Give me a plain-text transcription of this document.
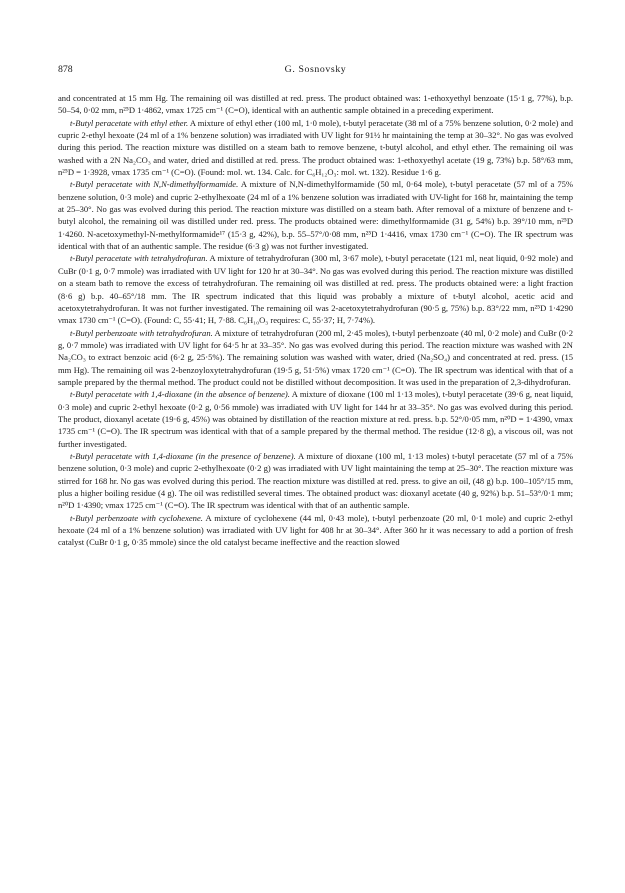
878	G. Sosnovsky

and concentrated at 15 mm Hg. The remaining oil was distilled at red. press. The product obtained was: 1-ethoxyethyl benzoate (15·1 g, 77%), b.p. 50–54, 0·02 mm, n²⁵D 1·4862, νmax 1725 cm⁻¹ (C=O), identical with an authentic sample obtained in a preceding experiment.

t-Butyl peracetate with ethyl ether. A mixture of ethyl ether (100 ml, 1·0 mole), t-butyl peracetate (38 ml of a 75% benzene solution, 0·2 mole) and cupric 2-ethyl hexoate (24 ml of a 1% benzene solution) was irradiated with UV light for 91½ hr maintaining the temp at 30–32°. No gas was evolved during this period. The reaction mixture was distilled on a steam bath to remove benzene, t-butyl alcohol, and ethyl ether. The remaining oil was washed with a 2N Na₂CO₃ and water, dried and distilled at red. press. The product obtained was: 1-ethoxyethyl acetate (19 g, 73%) b.p. 58°/63 mm, n²⁵D = 1·3928, νmax 1735 cm⁻¹ (C=O). (Found: mol. wt. 134. Calc. for C₆H₁₂O₃: mol. wt. 132). Residue 1·6 g.

t-Butyl peracetate with N,N-dimethylformamide. A mixture of N,N-dimethylformamide (50 ml, 0·64 mole), t-butyl peracetate (57 ml of a 75% benzene solution, 0·3 mole) and cupric 2-ethylhexoate (24 ml of a 1% benzene solution was irradiated with UV-light for 168 hr, maintaining the temp at 25–30°. No gas was evolved during this period. The reaction mixture was distilled on a steam bath. After removal of a mixture of benzene and t-butyl alcohol, the remaining oil was distilled under red. press. The products obtained were: dimethylformamide (31 g, 54%) b.p. 39°/10 mm, n²⁵D 1·4260. N-acetoxymethyl-N-methylformamide¹⁷ (15·3 g, 42%), b.p. 55–57°/0·08 mm, n²⁵D 1·4416, νmax 1730 cm⁻¹ (C=O). The IR spectrum was identical with that of an authentic sample. The residue (6·3 g) was not further investigated.

t-Butyl peracetate with tetrahydrofuran. A mixture of tetrahydrofuran (300 ml, 3·67 mole), t-butyl peracetate (121 ml, neat liquid, 0·92 mole) and CuBr (0·1 g, 0·7 mmole) was irradiated with UV light for 120 hr at 30–34°. No gas was evolved during this period. The reaction mixture was distilled on a steam bath to remove the excess of tetrahydrofuran. The remaining oil was distilled at red. press. The products obtained were: a light fraction (8·6 g) b.p. 40–65°/18 mm. The IR spectrum indicated that this liquid was probably a mixture of t-butyl alcohol, acetic acid and acetoxytetrahydrofuran. It was not further investigated. The remaining oil was 2-acetoxytetrahydrofuran (90·5 g, 75%) b.p. 83°/22 mm, n²⁵D 1·4290 νmax 1730 cm⁻¹ (C=O). (Found: C, 55·41; H, 7·88. C₆H₁₀O₃ requires: C, 55·37; H, 7·74%).

t-Butyl perbenzoate with tetrahydrofuran. A mixture of tetrahydrofuran (200 ml, 2·45 moles), t-butyl perbenzoate (40 ml, 0·2 mole) and CuBr (0·2 g, 0·7 mmole) was irradiated with UV light for 64·5 hr at 33–35°. No gas was evolved during this period. The reaction mixture was washed with 2N Na₂CO₃ to extract benzoic acid (6·2 g, 25·5%). The remaining solution was washed with water, dried (Na₂SO₄) and concentrated at red. press. (15 mm Hg). The remaining oil was 2-benzoyloxytetrahydrofuran (19·5 g, 51·5%) νmax 1720 cm⁻¹ (C=O). The IR spectrum was identical with that of a sample prepared by the thermal method. The product could not be distilled without decomposition. It was used in the preparation of 2,3-dihydrofuran.

t-Butyl peracetate with 1,4-dioxane (in the absence of benzene). A mixture of dioxane (100 ml 1·13 moles), t-butyl peracetate (39·6 g, neat liquid, 0·3 mole) and cupric 2-ethyl hexoate (0·2 g, 0·56 mmole) was irradiated with UV light for 144 hr at 33–35°. No gas was evolved during this period. The product, dioxanyl acetate (19·6 g, 45%) was obtained by distillation of the reaction mixture at red. press. b.p. 52°/0·05 mm, n²⁰D = 1·4390, νmax 1735 cm⁻¹ (C=O). The IR spectrum was identical with that of a sample prepared by the thermal method. The residue (12·8 g), a viscous oil, was not further investigated.

t-Butyl peracetate with 1,4-dioxane (in the presence of benzene). A mixture of dioxane (100 ml, 1·13 moles) t-butyl peracetate (57 ml of a 75% benzene solution, 0·3 mole) and cupric 2-ethylhexoate (0·2 g) was irradiated with UV light maintaining the temp at 25–30°. The reaction mixture was stirred for 168 hr. No gas was evolved during this period. The reaction mixture was distilled at red. press. to give an oil, (48 g) b.p. 100–105°/15 mm, plus a higher boiling residue (4 g). The oil was redistilled several times. The obtained product was: dioxanyl acetate (40 g, 92%) b.p. 51–53°/0·1 mm; n²⁰D 1·4390; νmax 1725 cm⁻¹ (C=O). The IR spectrum was identical with that of an authentic sample.

t-Butyl perbenzoate with cyclohexene. A mixture of cyclohexene (44 ml, 0·43 mole), t-butyl perbenzoate (20 ml, 0·1 mole) and cupric 2-ethyl hexoate (24 ml of a 1% benzene solution) was irradiated with UV light for 408 hr at 30–34°. After 360 hr it was necessary to add a portion of fresh catalyst (CuBr 0·1 g, 0·35 mmole) since the old catalyst became ineffective and the reaction slowed
